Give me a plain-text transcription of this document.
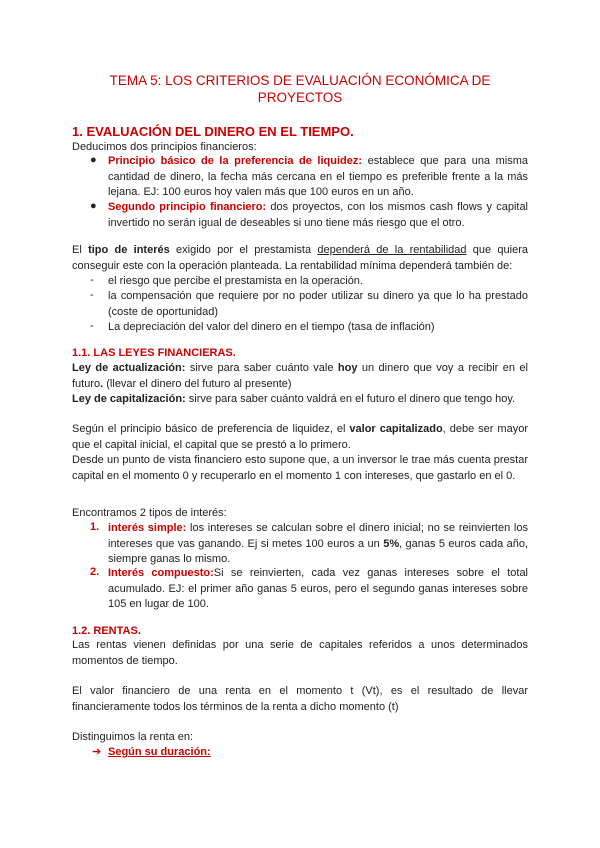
TEMA 5: LOS CRITERIOS DE EVALUACIÓN ECONÓMICA DE
PROYECTOS
1. EVALUACIÓN DEL DINERO EN EL TIEMPO.
Deducimos dos principios financieros:
●	Principio básico de la preferencia de liquidez: establece que para una misma cantidad de dinero, la fecha más cercana en el tiempo es preferible frente a la más lejana. EJ: 100 euros hoy valen más que 100 euros en un año.
●	Segundo principio financiero: dos proyectos, con los mismos cash flows y capital invertido no serán igual de deseables si uno tiene más riesgo que el otro.
El tipo de interés exigido por el prestamista dependerá de la rentabilidad que quiera conseguir este con la operación planteada. La rentabilidad mínima dependerá también de:
-	el riesgo que percibe el prestamista en la operación.
-	la compensación que requiere por no poder utilizar su dinero ya que lo ha prestado (coste de oportunidad)
-	La depreciación del valor del dinero en el tiempo (tasa de inflación)
1.1. LAS LEYES FINANCIERAS.
Ley de actualización: sirve para saber cuánto vale hoy un dinero que voy a recibir en el futuro. (llevar el dinero del futuro al presente)
Ley de capitalización: sirve para saber cuánto valdrá en el futuro el dinero que tengo hoy.
Según el principio básico de preferencia de liquidez, el valor capitalizado, debe ser mayor que el capital inicial, el capital que se prestó a lo primero.
Desde un punto de vista financiero esto supone que, a un inversor le trae más cuenta prestar capital en el momento 0 y recuperarlo en el momento 1 con intereses, que gastarlo en el 0.
Encontramos 2 tipos de interés:
1. interés simple: los intereses se calculan sobre el dinero inicial; no se reinvierten los intereses que vas ganando. Ej si metes 100 euros a un 5%, ganas 5 euros cada año, siempre ganas lo mismo.
2. Interés compuesto:Si se reinvierten, cada vez ganas intereses sobre el total acumulado. EJ: el primer año ganas 5 euros, pero el segundo ganas intereses sobre 105 en lugar de 100.
1.2. RENTAS.
Las rentas vienen definidas por una serie de capitales referidos a unos determinados momentos de tiempo.
El valor financiero de una renta en el momento t (Vt), es el resultado de llevar financieramente todos los términos de la renta a dicho momento (t)
Distinguimos la renta en:
➔ Según su duración:
